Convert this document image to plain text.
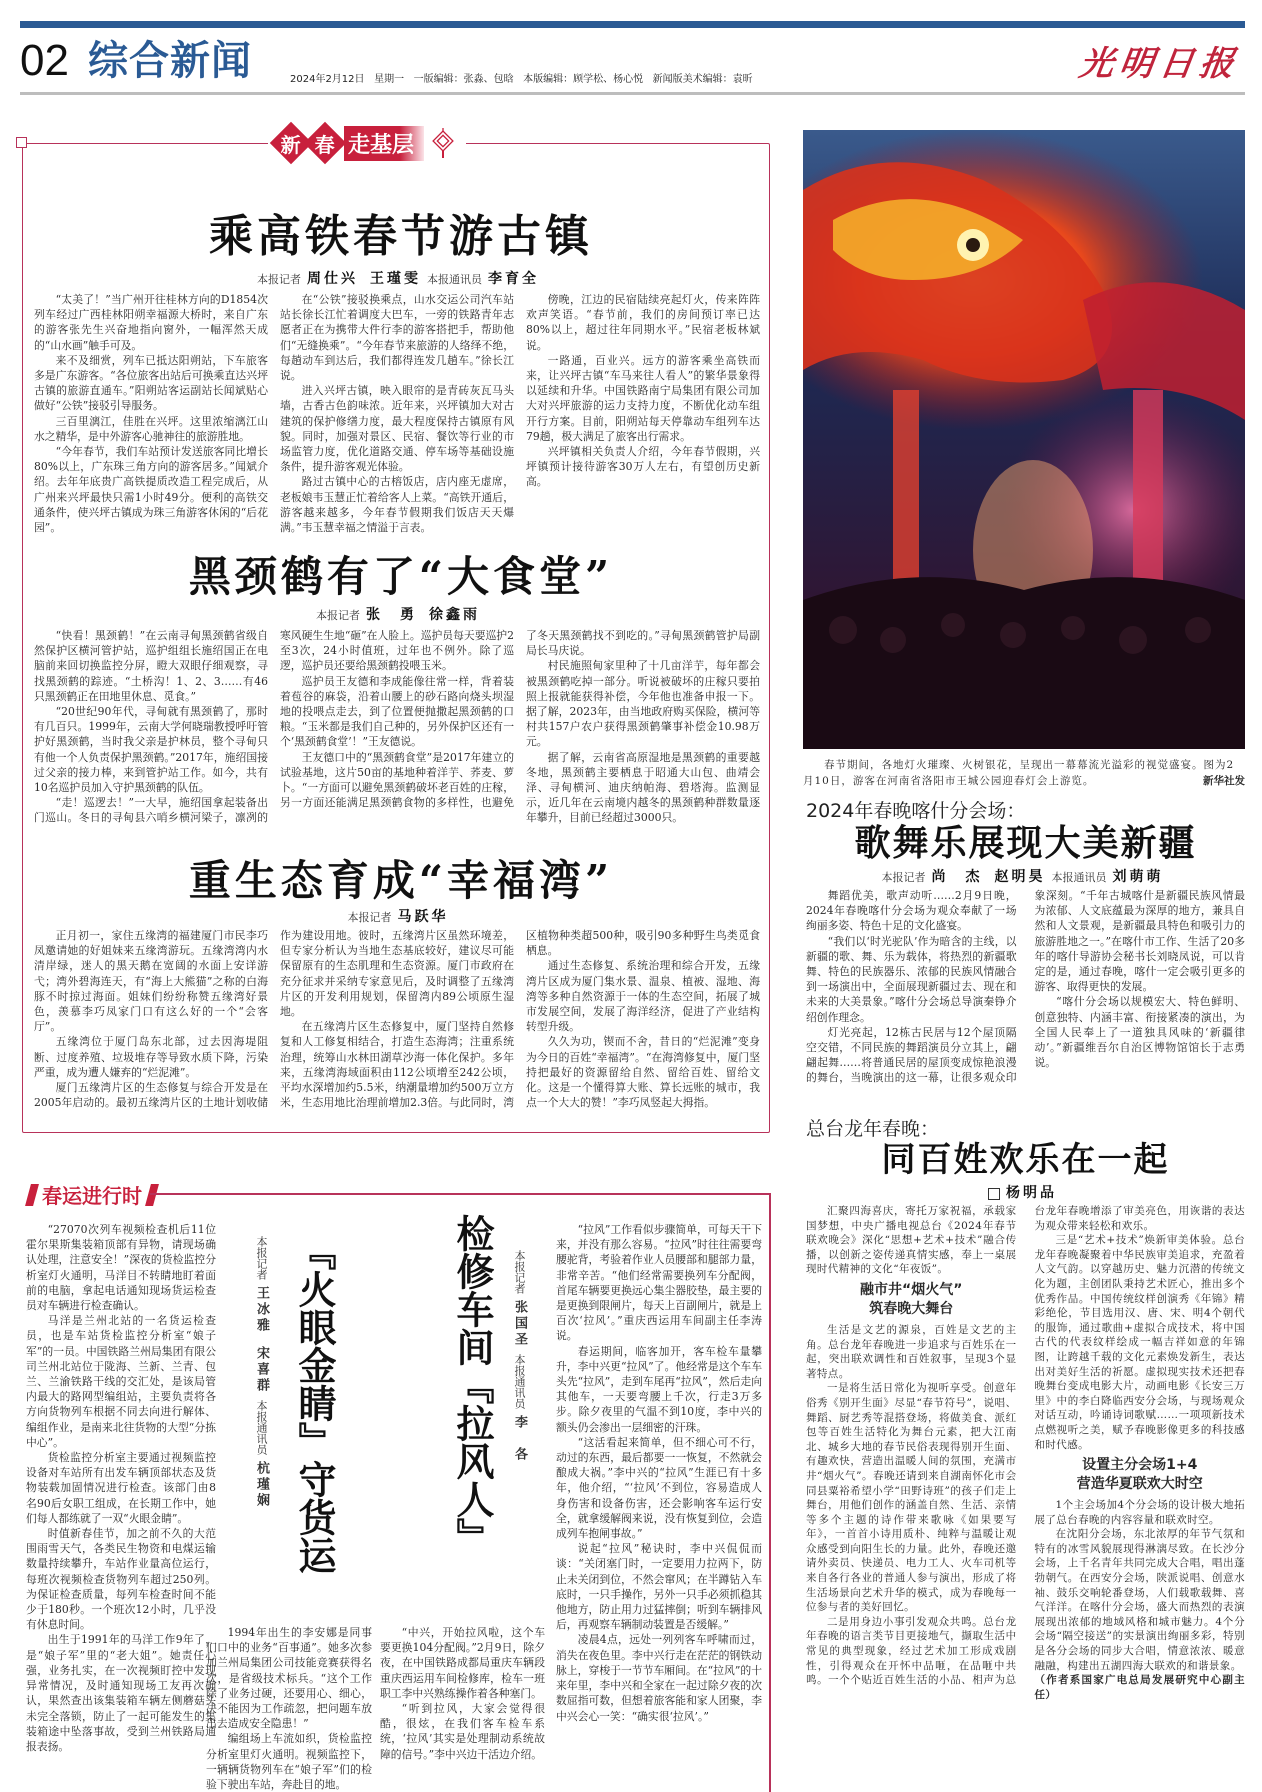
02 综合新闻	2024年2月12日   星期一   一版编辑：张淼、包晗   本版编辑：顾学松、杨心悦   新闻版美术编辑：袁昕	光明日报
新 春 走基层
乘高铁春节游古镇
本报记者 周仕兴 王瑾雯 本报通讯员 李育全

“太美了！”当广州开往桂林方向的D1854次列车经过广西桂林阳朔幸福源大桥时，来自广东的游客张先生兴奋地指向窗外，一幅浑然天成的“山水画”触手可及。

来不及细赏，列车已抵达阳朔站，下车旅客多是广东游客。“各位旅客出站后可换乘直达兴坪古镇的旅游直通车。”阳朔站客运副站长闻斌贴心做好“公铁”接驳引导服务。

三百里漓江，佳胜在兴坪。这里浓缩漓江山水之精华，是中外游客心驰神往的旅游胜地。

“今年春节，我们车站预计发送旅客同比增长80%以上，广东珠三角方向的游客居多。”闻斌介绍。去年年底贵广高铁提质改造工程完成后，从广州来兴坪最快只需1小时49分。便利的高铁交通条件，使兴坪古镇成为珠三角游客休闲的“后花园”。

在“公铁”接驳换乘点，山水交运公司汽车站站长徐长江忙着调度大巴车，一旁的铁路青年志愿者正在为携带大件行李的游客搭把手，帮助他们“无缝换乘”。“今年春节来旅游的人络绎不绝，每趟动车到达后，我们都得连发几趟车。”徐长江说。

进入兴坪古镇，映入眼帘的是青砖灰瓦马头墙，古香古色韵味浓。近年来，兴坪镇加大对古建筑的保护修缮力度，最大程度保持古镇原有风貌。同时，加强对景区、民宿、餐饮等行业的市场监管力度，优化道路交通、停车场等基础设施条件，提升游客观光体验。

路过古镇中心的古榕饭店，店内座无虚席，老板娘韦玉慧正忙着给客人上菜。“高铁开通后，游客越来越多，今年春节假期我们饭店天天爆满。”韦玉慧幸福之情溢于言表。

傍晚，江边的民宿陆续亮起灯火，传来阵阵欢声笑语。“春节前，我们的房间预订率已达80%以上，超过往年同期水平。”民宿老板林斌说。

一路通，百业兴。远方的游客乘坐高铁而来，让兴坪古镇“车马来往人看人”的繁华景象得以延续和升华。中国铁路南宁局集团有限公司加大对兴坪旅游的运力支持力度，不断优化动车组开行方案。目前，阳朔站每天停靠动车组列车达79趟，极大满足了旅客出行需求。

兴坪镇相关负责人介绍，今年春节假期，兴坪镇预计接待游客30万人左右，有望创历史新高。

黑颈鹤有了“大食堂”
本报记者 张　勇 徐鑫雨

“快看！黑颈鹤！”在云南寻甸黑颈鹤省级自然保护区横河管护站，巡护组组长施绍国正在电脑前来回切换监控分屏，瞪大双眼仔细观察，寻找黑颈鹤的踪迹。“土桥沟！1、2、3……有46只黑颈鹤正在田地里休息、觅食。”

“20世纪90年代，寻甸就有黑颈鹤了，那时有几百只。1999年，云南大学何晓瑞教授呼吁管护好黑颈鹤，当时我父亲是护林员，整个寻甸只有他一个人负责保护黑颈鹤。”2017年，施绍国接过父亲的接力棒，来到管护站工作。如今，共有10名巡护员加入守护黑颈鹤的队伍。

“走！巡逻去！”一大早，施绍国拿起装备出门巡山。冬日的寻甸县六哨乡横河梁子，凛冽的寒风硬生生地“砸”在人脸上。巡护员每天要巡护2至3次，24小时值班，过年也不例外。除了巡逻，巡护员还要给黑颈鹤投喂玉米。

巡护员王友德和李成能像往常一样，背着装着苞谷的麻袋，沿着山腰上的砂石路向烧头坝湿地的投喂点走去，到了位置便抛撒起黑颈鹤的口粮。“玉米都是我们自己种的，另外保护区还有一个‘黑颈鹤食堂’！”王友德说。

王友德口中的“黑颈鹤食堂”是2017年建立的试验基地，这片50亩的基地种着洋芋、荞麦、萝卜。“一方面可以避免黑颈鹤破坏老百姓的庄稼，另一方面还能满足黑颈鹤食物的多样性，也避免了冬天黑颈鹤找不到吃的。”寻甸黑颈鹤管护局副局长马庆说。

村民施照甸家里种了十几亩洋芋，每年都会被黑颈鹤吃掉一部分。听说被破坏的庄稼只要拍照上报就能获得补偿，今年他也准备申报一下。据了解，2023年，由当地政府购买保险，横河等村共157户农户获得黑颈鹤肇事补偿金10.98万元。

据了解，云南省高原湿地是黑颈鹤的重要越冬地，黑颈鹤主要栖息于昭通大山包、曲靖会泽、寻甸横河、迪庆纳帕海、碧塔海。监测显示，近几年在云南境内越冬的黑颈鹤种群数量逐年攀升，目前已经超过3000只。

重生态育成“幸福湾”
本报记者 马跃华

正月初一，家住五缘湾的福建厦门市民李巧凤邀请她的好姐妹来五缘湾游玩。五缘湾湾内水清岸绿，迷人的黑天鹅在宽阔的水面上安详游弋；湾外碧海连天，有“海上大熊猫”之称的白海豚不时掠过海面。姐妹们纷纷称赞五缘湾好景色，羡慕李巧凤家门口有这么好的一个“会客厅”。

五缘湾位于厦门岛东北部，过去因海堤阻断、过度养殖、垃圾堆存等导致水质下降，污染严重，成为遭人嫌弃的“烂泥滩”。

厦门五缘湾片区的生态修复与综合开发是在2005年启动的。最初五缘湾片区的土地计划收储作为建设用地。彼时，五缘湾片区虽然环境差，但专家分析认为当地生态基底较好，建议尽可能保留原有的生态肌理和生态资源。厦门市政府在充分征求并采纳专家意见后，及时调整了五缘湾片区的开发利用规划，保留湾内89公顷原生湿地。

在五缘湾片区生态修复中，厦门坚持自然修复和人工修复相结合，打造生态海湾；注重系统治理，统筹山水林田湖草沙海一体化保护。多年来，五缘湾海域面积由112公顷增至242公顷，平均水深增加约5.5米，纳潮量增加约500万立方米，生态用地比治理前增加2.3倍。与此同时，湾区植物种类超500种，吸引90多种野生鸟类觅食栖息。

通过生态修复、系统治理和综合开发，五缘湾片区成为厦门集水景、温泉、植被、湿地、海湾等多种自然资源于一体的生态空间，拓展了城市发展空间，发展了海洋经济，促进了产业结构转型升级。

久久为功，锲而不舍，昔日的“烂泥滩”变身为今日的百姓“幸福湾”。“在海湾修复中，厦门坚持把最好的资源留给自然、留给百姓、留给文化。这是一个懂得算大账、算长远账的城市，我点一个大大的赞！”李巧凤竖起大拇指。

春节期间，各地灯火璀璨、火树银花，呈现出一幕幕流光溢彩的视觉盛宴。图为2月10日，游客在河南省洛阳市王城公园迎春灯会上游览。	新华社发
2024年春晚喀什分会场：
歌舞乐展现大美新疆
本报记者 尚　杰 赵明昊 本报通讯员 刘萌萌

舞蹈优美，歌声动听……2月9日晚，2024年春晚喀什分会场为观众奉献了一场绚丽多姿、特色十足的文化盛宴。

“我们以‘时光驼队’作为暗含的主线，以新疆的歌、舞、乐为载体，将热烈的新疆歌舞、特色的民族器乐、浓郁的民族风情融合到一场演出中，全面展现新疆过去、现在和未来的大美景象。”喀什分会场总导演秦铮介绍创作理念。

灯光亮起，12栋古民居与12个屋顶隔空交错，不同民族的舞蹈演员分立其上，翩翩起舞……将普通民居的屋顶变成惊艳浪漫的舞台，当晚演出的这一幕，让很多观众印象深刻。“千年古城喀什是新疆民族风情最为浓郁、人文底蕴最为深厚的地方，兼具自然和人文景观，是新疆最具特色和吸引力的旅游胜地之一。”在喀什市工作、生活了20多年的喀什导游协会秘书长刘晓凤说，可以肯定的是，通过春晚，喀什一定会吸引更多的游客、取得更快的发展。

“喀什分会场以规模宏大、特色鲜明、创意独特、内涵丰富、衔接紧凑的演出，为全国人民奉上了一道独具风味的‘新疆律动’。”新疆维吾尔自治区博物馆馆长于志勇说。

春运进行时

“27070次列车视频检查机后11位霍尔果斯集装箱顶部有异物，请现场确认处理，注意安全！”深夜的货检监控分析室灯火通明，马洋目不转睛地盯着面前的电脑，拿起电话通知现场货运检查员对车辆进行检查确认。

马洋是兰州北站的一名货运检查员，也是车站货检监控分析室“娘子军”的一员。中国铁路兰州局集团有限公司兰州北站位于陇海、兰新、兰青、包兰、兰渝铁路干线的交汇处，是该局管内最大的路网型编组站，主要负责将各方向货物列车根据不同去向进行解体、编组作业，是南来北往货物的大型“分拣中心”。

货检监控分析室主要通过视频监控设备对车站所有出发车辆顶部状态及货物装载加固情况进行检查。该部门由8名90后女职工组成，在长期工作中，她们每人都练就了一双“火眼金睛”。

时值新春佳节，加之前不久的大范围雨雪天气，各类民生物资和电煤运输数量持续攀升，车站作业量高位运行，每班次视频检查货物列车超过250列。为保证检查质量，每列车检查时间不能少于180秒。一个班次12小时，几乎没有休息时间。

出生于1991年的马洋工作9年了，是“娘子军”里的“老大姐”。她责任心强，业务扎实，在一次视频盯控中发现异常情况，及时通知现场工友再次确认，果然查出该集装箱车辆左侧蘑菇头未完全落锁，防止了一起可能发生的集装箱途中坠落事故，受到兰州铁路局通报表扬。

本报记者王冰雅宋喜群本报通讯员杭瑾娴 『火眼金睛』守货运

1994年出生的李安娜是同事们口中的业务“百事通”。她多次参加兰州局集团公司技能竞赛获得名次，是省级技术标兵。“这个工作除了业务过硬，还要用心、细心，决不能因为工作疏忽，把问题车放出去造成安全隐患！”

编组场上车流如织，货检监控分析室里灯火通明。视频监控下，一辆辆货物列车在“娘子军”们的检验下驶出车站，奔赴目的地。

检修车间『拉风人』 本报记者张国圣本报通讯员李　各

“中兴，开始拉风啦，这个车要更换104分配阀。”2月9日，除夕夜，在中国铁路成都局重庆车辆段重庆西运用车间检修库，检车一班职工李中兴熟练操作着各种塞门。

“听到拉风，大家会觉得很酷，很炫，在我们客车检车系统，‘拉风’其实是处理制动系统故障的信号。”李中兴边干活边介绍。

“拉风”工作看似步骤简单，可每天干下来，并没有那么容易。“拉风”时往往需要弯腰驼背，考验着作业人员腰部和腿部力量，非常辛苦。“他们经常需要换列车分配阀，首尾车辆要更换远心集尘器胶垫，最主要的是更换到限闸片，每天上百副闸片，就是上百次‘拉风’。”重庆西运用车间副主任李涛说。

春运期间，临客加开，客车检车量攀升，李中兴更“拉风”了。他经常是这个车车头先“拉风”，走到车尾再“拉风”，然后走向其他车，一天要弯腰上千次，行走3万多步。除夕夜里的气温不到10度，李中兴的额头仍会渗出一层细密的汗珠。

“这活看起来简单，但不细心可不行，动过的东西，最后都要一一恢复，不然就会酿成大祸。”李中兴的“拉风”生涯已有十多年，他介绍，“‘拉风’不到位，容易造成人身伤害和设备伤害，还会影响客车运行安全，就拿缓解阀来说，没有恢复到位，会造成列车抱闸事故。”

说起“拉风”秘诀时，李中兴侃侃而谈：“关闭塞门时，一定要用力拉两下，防止未关闭到位，不然会窜风；在半蹲钻入车底时，一只手操作，另外一只手必须抓稳其他地方，防止用力过猛摔倒；听到车辆排风后，再观察车辆制动装置是否缓解。”

凌晨4点，远处一列列客车呼啸而过，消失在夜色里。李中兴行走在茫茫的钢铁动脉上，穿梭于一节节车厢间。在“拉风”的十来年里，李中兴和全家在一起过除夕夜的次数屈指可数，但想着旅客能和家人团聚，李中兴会心一笑：“确实很‘拉风’。”

总台龙年春晚：
同百姓欢乐在一起
杨明品

汇聚四海喜庆，寄托万家祝福，承载家国梦想，中央广播电视总台《2024年春节联欢晚会》深化“思想+艺术+技术”融合传播，以创新之姿传递真情实感，奉上一桌展现时代精神的文化“年夜饭”。

融市井“烟火气”
筑春晚大舞台

生活是文艺的源泉，百姓是文艺的主角。总台龙年春晚进一步追求与百姓乐在一起，突出联欢调性和百姓叙事，呈现3个显著特点。

一是将生活日常化为视听享受。创意年俗秀《别开生面》尽显“春节符号”，说唱、舞蹈、厨艺秀等混搭登场，将做美食、派红包等百姓生活特化为舞台元素，把大江南北、城乡大地的春节民俗表现得别开生面、有趣欢快，营造出温暖人间的氛围，充满市井“烟火气”。春晚还请到来自湖南怀化市会同县粟裕希望小学“田野诗班”的孩子们走上舞台，用他们创作的涵盖自然、生活、亲情等多个主题的诗作带来歌咏《如果要写年》，一首首小诗用质朴、纯粹与温暖让观众感受到向阳生长的力量。此外，春晚还邀请外卖员、快递员、电力工人、火车司机等来自各行各业的普通人参与演出，形成了将生活场景向艺术升华的模式，成为春晚每一位参与者的美好回忆。

二是用身边小事引发观众共鸣。总台龙年春晚的语言类节目更接地气，撷取生活中常见的典型现象，经过艺术加工形成戏剧性，引得观众在开怀中品咂，在品咂中共鸣。一个个贴近百姓生活的小品、相声为总台龙年春晚增添了审美亮色，用诙谐的表达为观众带来轻松和欢乐。

三是“艺术+技术”焕新审美体验。总台龙年春晚凝聚着中华民族审美追求，充盈着人文气韵。以穿越历史、魅力沉潜的传统文化为题，主创团队秉持艺术匠心，推出多个优秀作品。中国传统纹样创演秀《年锦》精彩绝伦，节目选用汉、唐、宋、明4个朝代的服饰，通过歌曲+虚拟合成技术，将中国古代的代表纹样绘成一幅吉祥如意的年锦图，让跨越千载的文化元素焕发新生，表达出对美好生活的祈愿。虚拟现实技术还把春晚舞台变成电影大片，动画电影《长安三万里》中的李白降临西安分会场，与现场观众对话互动，吟诵诗词歌赋……一项项新技术点燃视听之美，赋予春晚影像更多的科技感和时代感。

设置主分会场1+4
营造华夏联欢大时空

1个主会场加4个分会场的设计极大地拓展了总台春晚的内容容量和联欢时空。

在沈阳分会场，东北浓厚的年节气氛和特有的冰雪风貌展现得淋漓尽致。在长沙分会场，上千名青年共同完成大合唱，唱出蓬勃朝气。在西安分会场，陕派说唱、创意水袖、鼓乐交响轮番登场，人们载歌载舞、喜气洋洋。在喀什分会场，盛大而热烈的表演展现出浓郁的地域风格和城市魅力。4个分会场“隔空接送”的实景演出绚丽多彩，特别是各分会场的同步大合唱，情意浓浓、暖意融融，构建出五湖四海大联欢的和谐景象。

（作者系国家广电总局发展研究中心副主任）
